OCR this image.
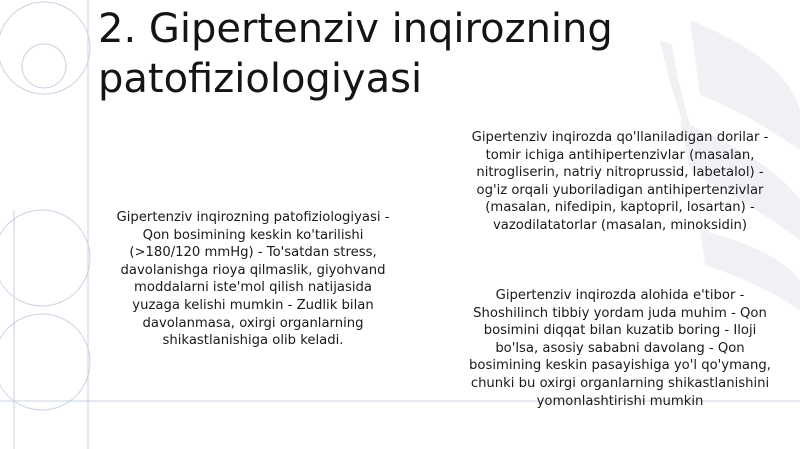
2. Gipertenziv inqirozning
patofiziologiyasi
Gipertenziv inqirozning patofiziologiyasi -
Qon bosimining keskin ko'tarilishi
(>180/120 mmHg) - To'satdan stress,
davolanishga rioya qilmaslik, giyohvand
moddalarni iste'mol qilish natijasida
yuzaga kelishi mumkin - Zudlik bilan
davolanmasa, oxirgi organlarning
shikastlanishiga olib keladi.
Gipertenziv inqirozda qo'llaniladigan dorilar -
tomir ichiga antihipertenzivlar (masalan,
nitrogliserin, natriy nitroprussid, labetalol) -
og'iz orqali yuboriladigan antihipertenzivlar
(masalan, nifedipin, kaptopril, losartan) -
vazodilatatorlar (masalan, minoksidin)
Gipertenziv inqirozda alohida e'tibor -
Shoshilinch tibbiy yordam juda muhim - Qon
bosimini diqqat bilan kuzatib boring - Iloji
bo'lsa, asosiy sababni davolang - Qon
bosimining keskin pasayishiga yo'l qo'ymang,
chunki bu oxirgi organlarning shikastlanishini
yomonlashtirishi mumkin
